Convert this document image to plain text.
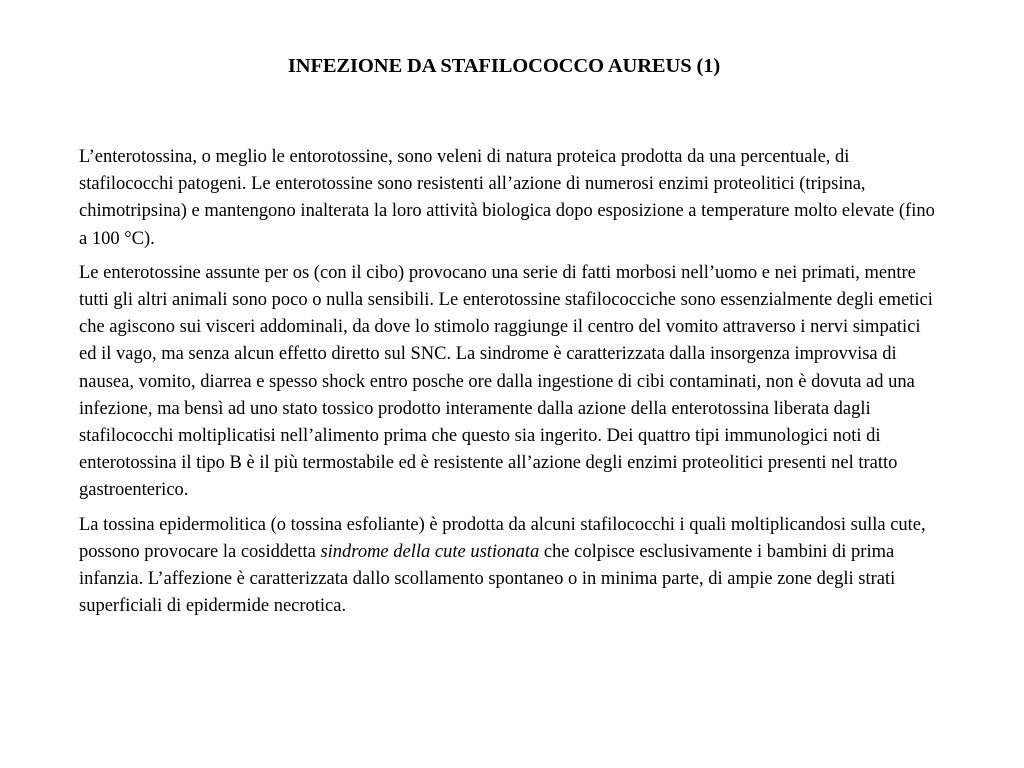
INFEZIONE DA STAFILOCOCCO AUREUS (1)

L’enterotossina, o meglio le entorotossine, sono veleni di natura proteica prodotta da una percentuale, di stafilococchi patogeni. Le enterotossine sono resistenti all’azione di numerosi enzimi proteolitici (tripsina, chimotripsina) e mantengono inalterata la loro attività biologica dopo esposizione a temperature molto elevate (fino a 100 °C).

Le enterotossine assunte per os (con il cibo) provocano una serie di fatti morbosi nell’uomo e nei primati, mentre tutti gli altri animali sono poco o nulla sensibili. Le enterotossine stafilococciche sono essenzialmente degli emetici che agiscono sui visceri addominali, da dove lo stimolo raggiunge il centro del vomito attraverso i nervi simpatici ed il vago, ma senza alcun effetto diretto sul SNC. La sindrome è caratterizzata dalla insorgenza improvvisa di nausea, vomito, diarrea e spesso shock entro posche ore dalla ingestione di cibi contaminati, non è dovuta ad una infezione, ma bensì ad uno stato tossico prodotto interamente dalla azione della enterotossina liberata dagli stafilococchi moltiplicatisi nell’alimento prima che questo sia ingerito. Dei quattro tipi immunologici noti di enterotossina il tipo B è il più termostabile ed è resistente all’azione degli enzimi proteolitici presenti nel tratto gastroenterico.

La tossina epidermolitica (o tossina esfoliante) è prodotta da alcuni stafilococchi i quali moltiplicandosi sulla cute, possono provocare la cosiddetta sindrome della cute ustionata che colpisce esclusivamente i bambini di prima infanzia. L’affezione è caratterizzata dallo scollamento spontaneo o in minima parte, di ampie zone degli strati superficiali di epidermide necrotica.
